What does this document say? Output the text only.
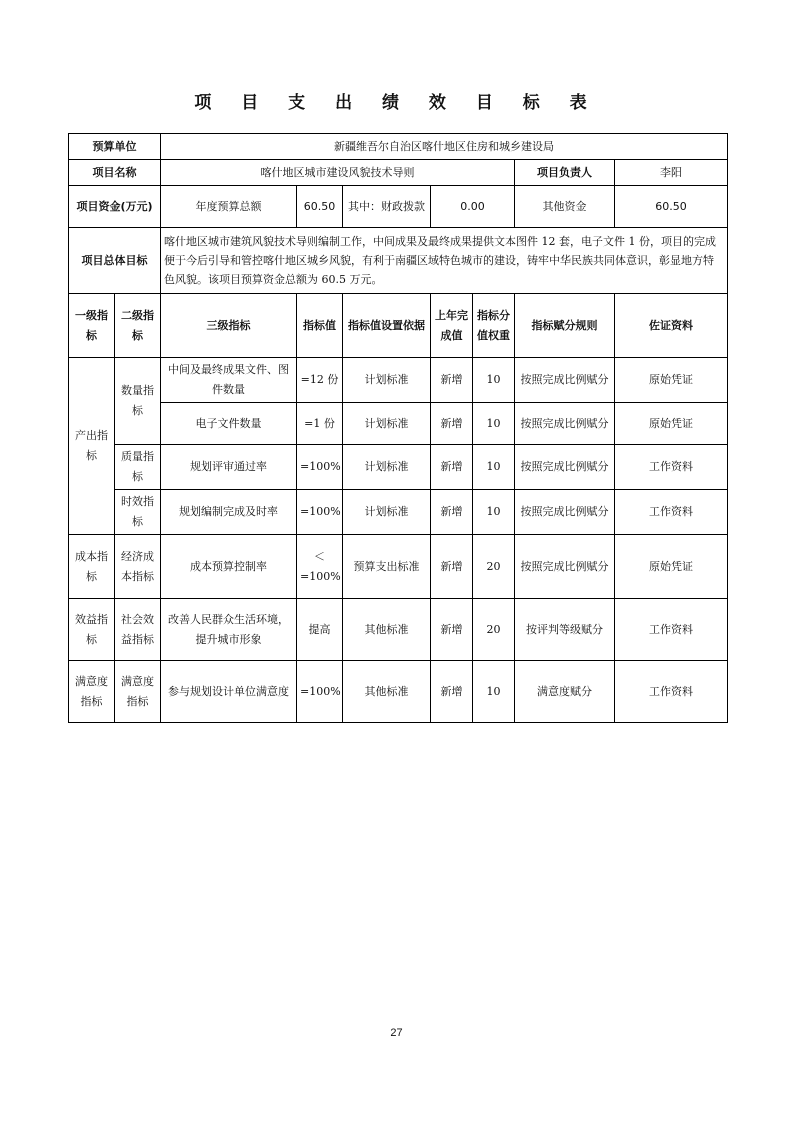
项 目 支 出 绩 效 目 标 表
预算单位		新疆维吾尔自治区喀什地区住房和城乡建设局						
项目名称		喀什地区城市建设风貌技术导则					项目负责人	李阳
项目资金(万元)		年度预算总额	60.50	其中：财政拨款	0.00		其他资金	60.50
项目总体目标		喀什地区城市建筑风貌技术导则编制工作，中间成果及最终成果提供文本图件 12 套，电子文件 1 份，项目的完成便于今后引导和管控喀什地区城乡风貌，有利于南疆区域特色城市的建设，铸牢中华民族共同体意识，彰显地方特色风貌。该项目预算资金总额为 60.5 万元。						
一级指标	二级指标	三级指标	指标值	指标值设置依据	上年完成值	指标分值权重	指标赋分规则	佐证资料
产出指标	数量指标	中间及最终成果文件、图件数量	=12 份	计划标准	新增	10	按照完成比例赋分	原始凭证
		电子文件数量	=1 份	计划标准	新增	10	按照完成比例赋分	原始凭证
	质量指标	规划评审通过率	=100%	计划标准	新增	10	按照完成比例赋分	工作资料
	时效指标	规划编制完成及时率	=100%	计划标准	新增	10	按照完成比例赋分	工作资料
成本指标	经济成本指标	成本预算控制率	＜=100%	预算支出标准	新增	20	按照完成比例赋分	原始凭证
效益指标	社会效益指标	改善人民群众生活环境，提升城市形象	提高	其他标准	新增	20	按评判等级赋分	工作资料
满意度指标	满意度指标	参与规划设计单位满意度	=100%	其他标准	新增	10	满意度赋分	工作资料
27
